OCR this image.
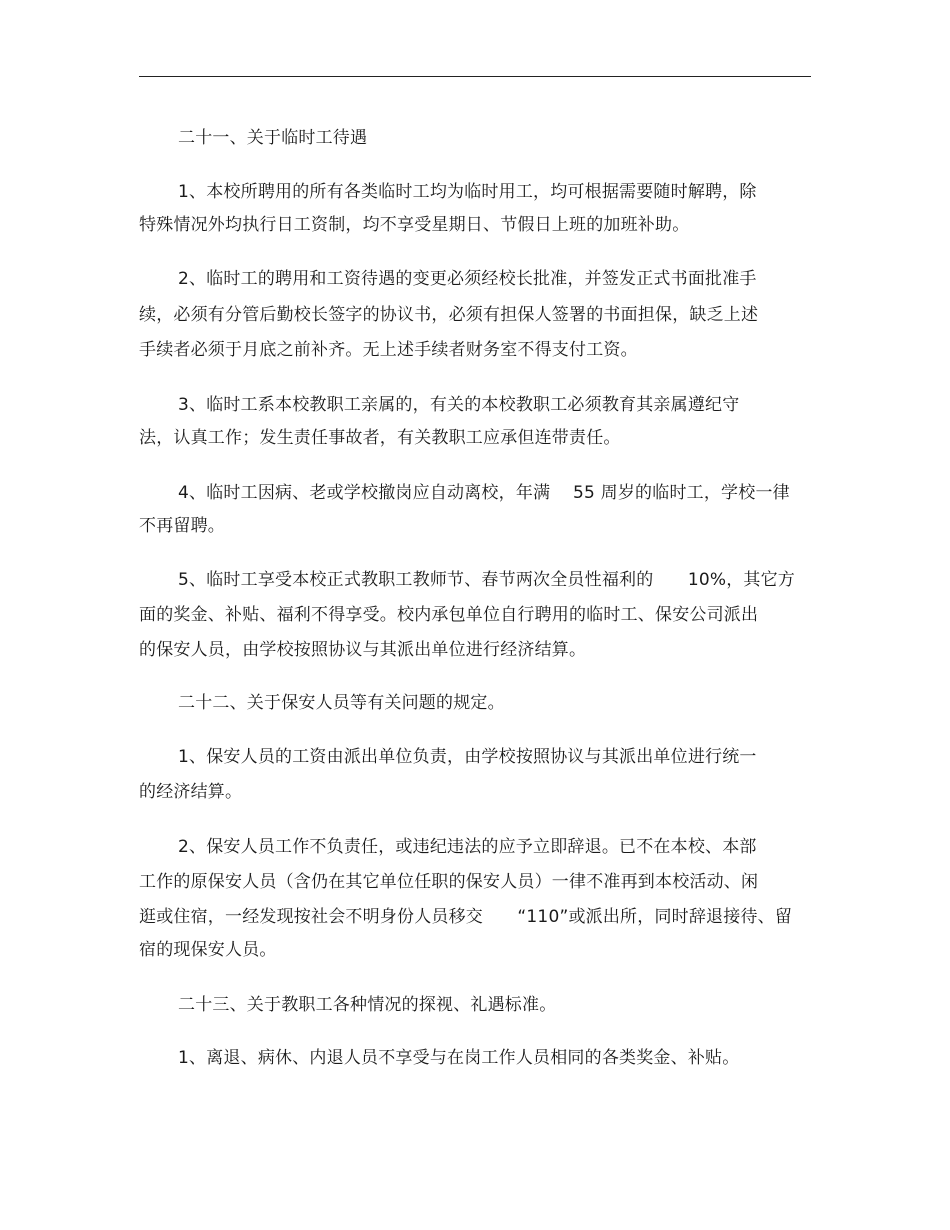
二十一、关于临时工待遇
1、本校所聘用的所有各类临时工均为临时用工，均可根据需要随时解聘，除
特殊情况外均执行日工资制，均不享受星期日、节假日上班的加班补助。
2、临时工的聘用和工资待遇的变更必须经校长批准，并签发正式书面批准手
续，必须有分管后勤校长签字的协议书，必须有担保人签署的书面担保，缺乏上述
手续者必须于月底之前补齐。无上述手续者财务室不得支付工资。
3、临时工系本校教职工亲属的，有关的本校教职工必须教育其亲属遵纪守
法，认真工作；发生责任事故者，有关教职工应承但连带责任。
4、临时工因病、老或学校撤岗应自动离校，年满　 55 周岁的临时工，学校一律
不再留聘。
5、临时工享受本校正式教职工教师节、春节两次全员性福利的　　10%，其它方
面的奖金、补贴、福利不得享受。校内承包单位自行聘用的临时工、保安公司派出
的保安人员，由学校按照协议与其派出单位进行经济结算。
二十二、关于保安人员等有关问题的规定。
1、保安人员的工资由派出单位负责，由学校按照协议与其派出单位进行统一
的经济结算。
2、保安人员工作不负责任，或违纪违法的应予立即辞退。已不在本校、本部
工作的原保安人员（含仍在其它单位任职的保安人员）一律不准再到本校活动、闲
逛或住宿，一经发现按社会不明身份人员移交　　“110”或派出所，同时辞退接待、留
宿的现保安人员。
二十三、关于教职工各种情况的探视、礼遇标准。
1、离退、病休、内退人员不享受与在岗工作人员相同的各类奖金、补贴。
